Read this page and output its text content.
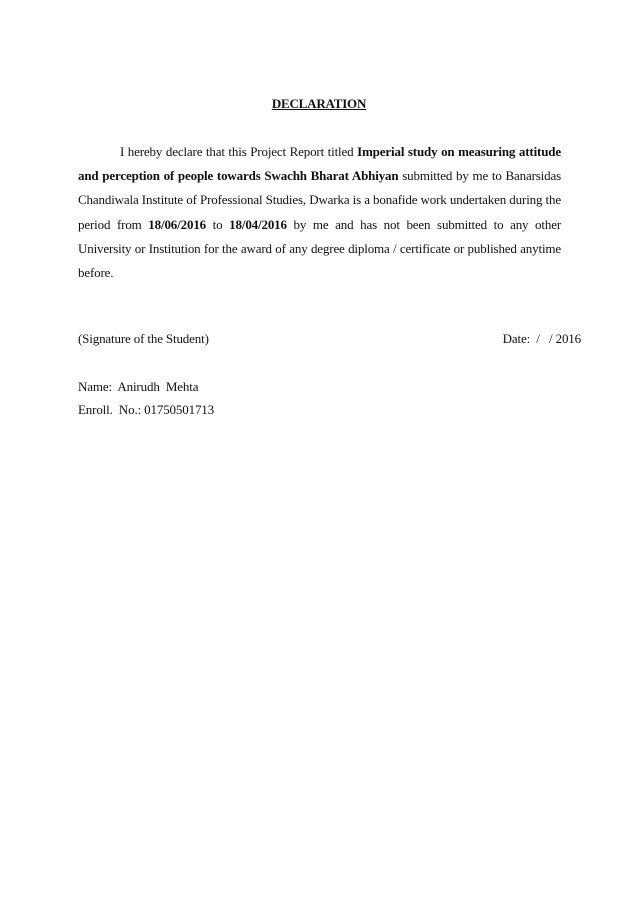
DECLARATION
I hereby declare that this Project Report titled Imperial study on measuring attitude and perception of people towards Swachh Bharat Abhiyan submitted by me to Banarsidas Chandiwala Institute of Professional Studies, Dwarka is a bonafide work undertaken during the period from 18/06/2016 to 18/04/2016 by me and has not been submitted to any other University or Institution for the award of any degree diploma / certificate or published anytime before.
(Signature of the Student)	Date:  /   / 2016
Name:  Anirudh  Mehta
Enroll.  No.: 01750501713
